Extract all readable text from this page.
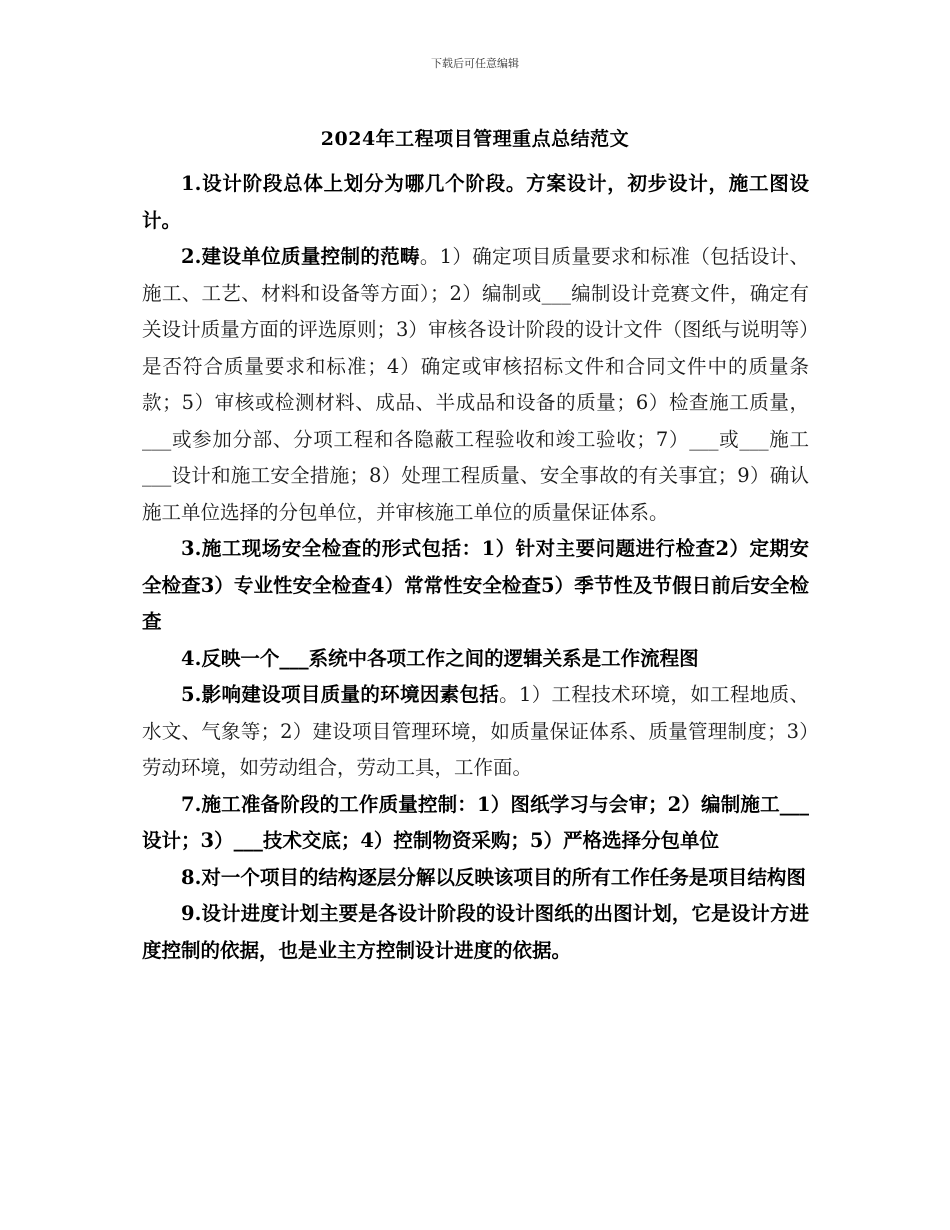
下载后可任意编辑
2024年工程项目管理重点总结范文

1.设计阶段总体上划分为哪几个阶段。方案设计，初步设计，施工图设计。

2.建设单位质量控制的范畴。1）确定项目质量要求和标准（包括设计、施工、工艺、材料和设备等方面）；2）编制或___编制设计竞赛文件，确定有关设计质量方面的评选原则；3）审核各设计阶段的设计文件（图纸与说明等）是否符合质量要求和标准；4）确定或审核招标文件和合同文件中的质量条款；5）审核或检测材料、成品、半成品和设备的质量；6）检查施工质量，___或参加分部、分项工程和各隐蔽工程验收和竣工验收；7）___或___施工___设计和施工安全措施；8）处理工程质量、安全事故的有关事宜；9）确认施工单位选择的分包单位，并审核施工单位的质量保证体系。

3.施工现场安全检查的形式包括：1）针对主要问题进行检查2）定期安全检查3）专业性安全检查4）常常性安全检查5）季节性及节假日前后安全检查

4.反映一个___系统中各项工作之间的逻辑关系是工作流程图

5.影响建设项目质量的环境因素包括。1）工程技术环境，如工程地质、水文、气象等；2）建设项目管理环境，如质量保证体系、质量管理制度；3）劳动环境，如劳动组合，劳动工具，工作面。

7.施工准备阶段的工作质量控制：1）图纸学习与会审；2）编制施工___设计；3）___技术交底；4）控制物资采购；5）严格选择分包单位

8.对一个项目的结构逐层分解以反映该项目的所有工作任务是项目结构图

9.设计进度计划主要是各设计阶段的设计图纸的出图计划，它是设计方进度控制的依据，也是业主方控制设计进度的依据。
